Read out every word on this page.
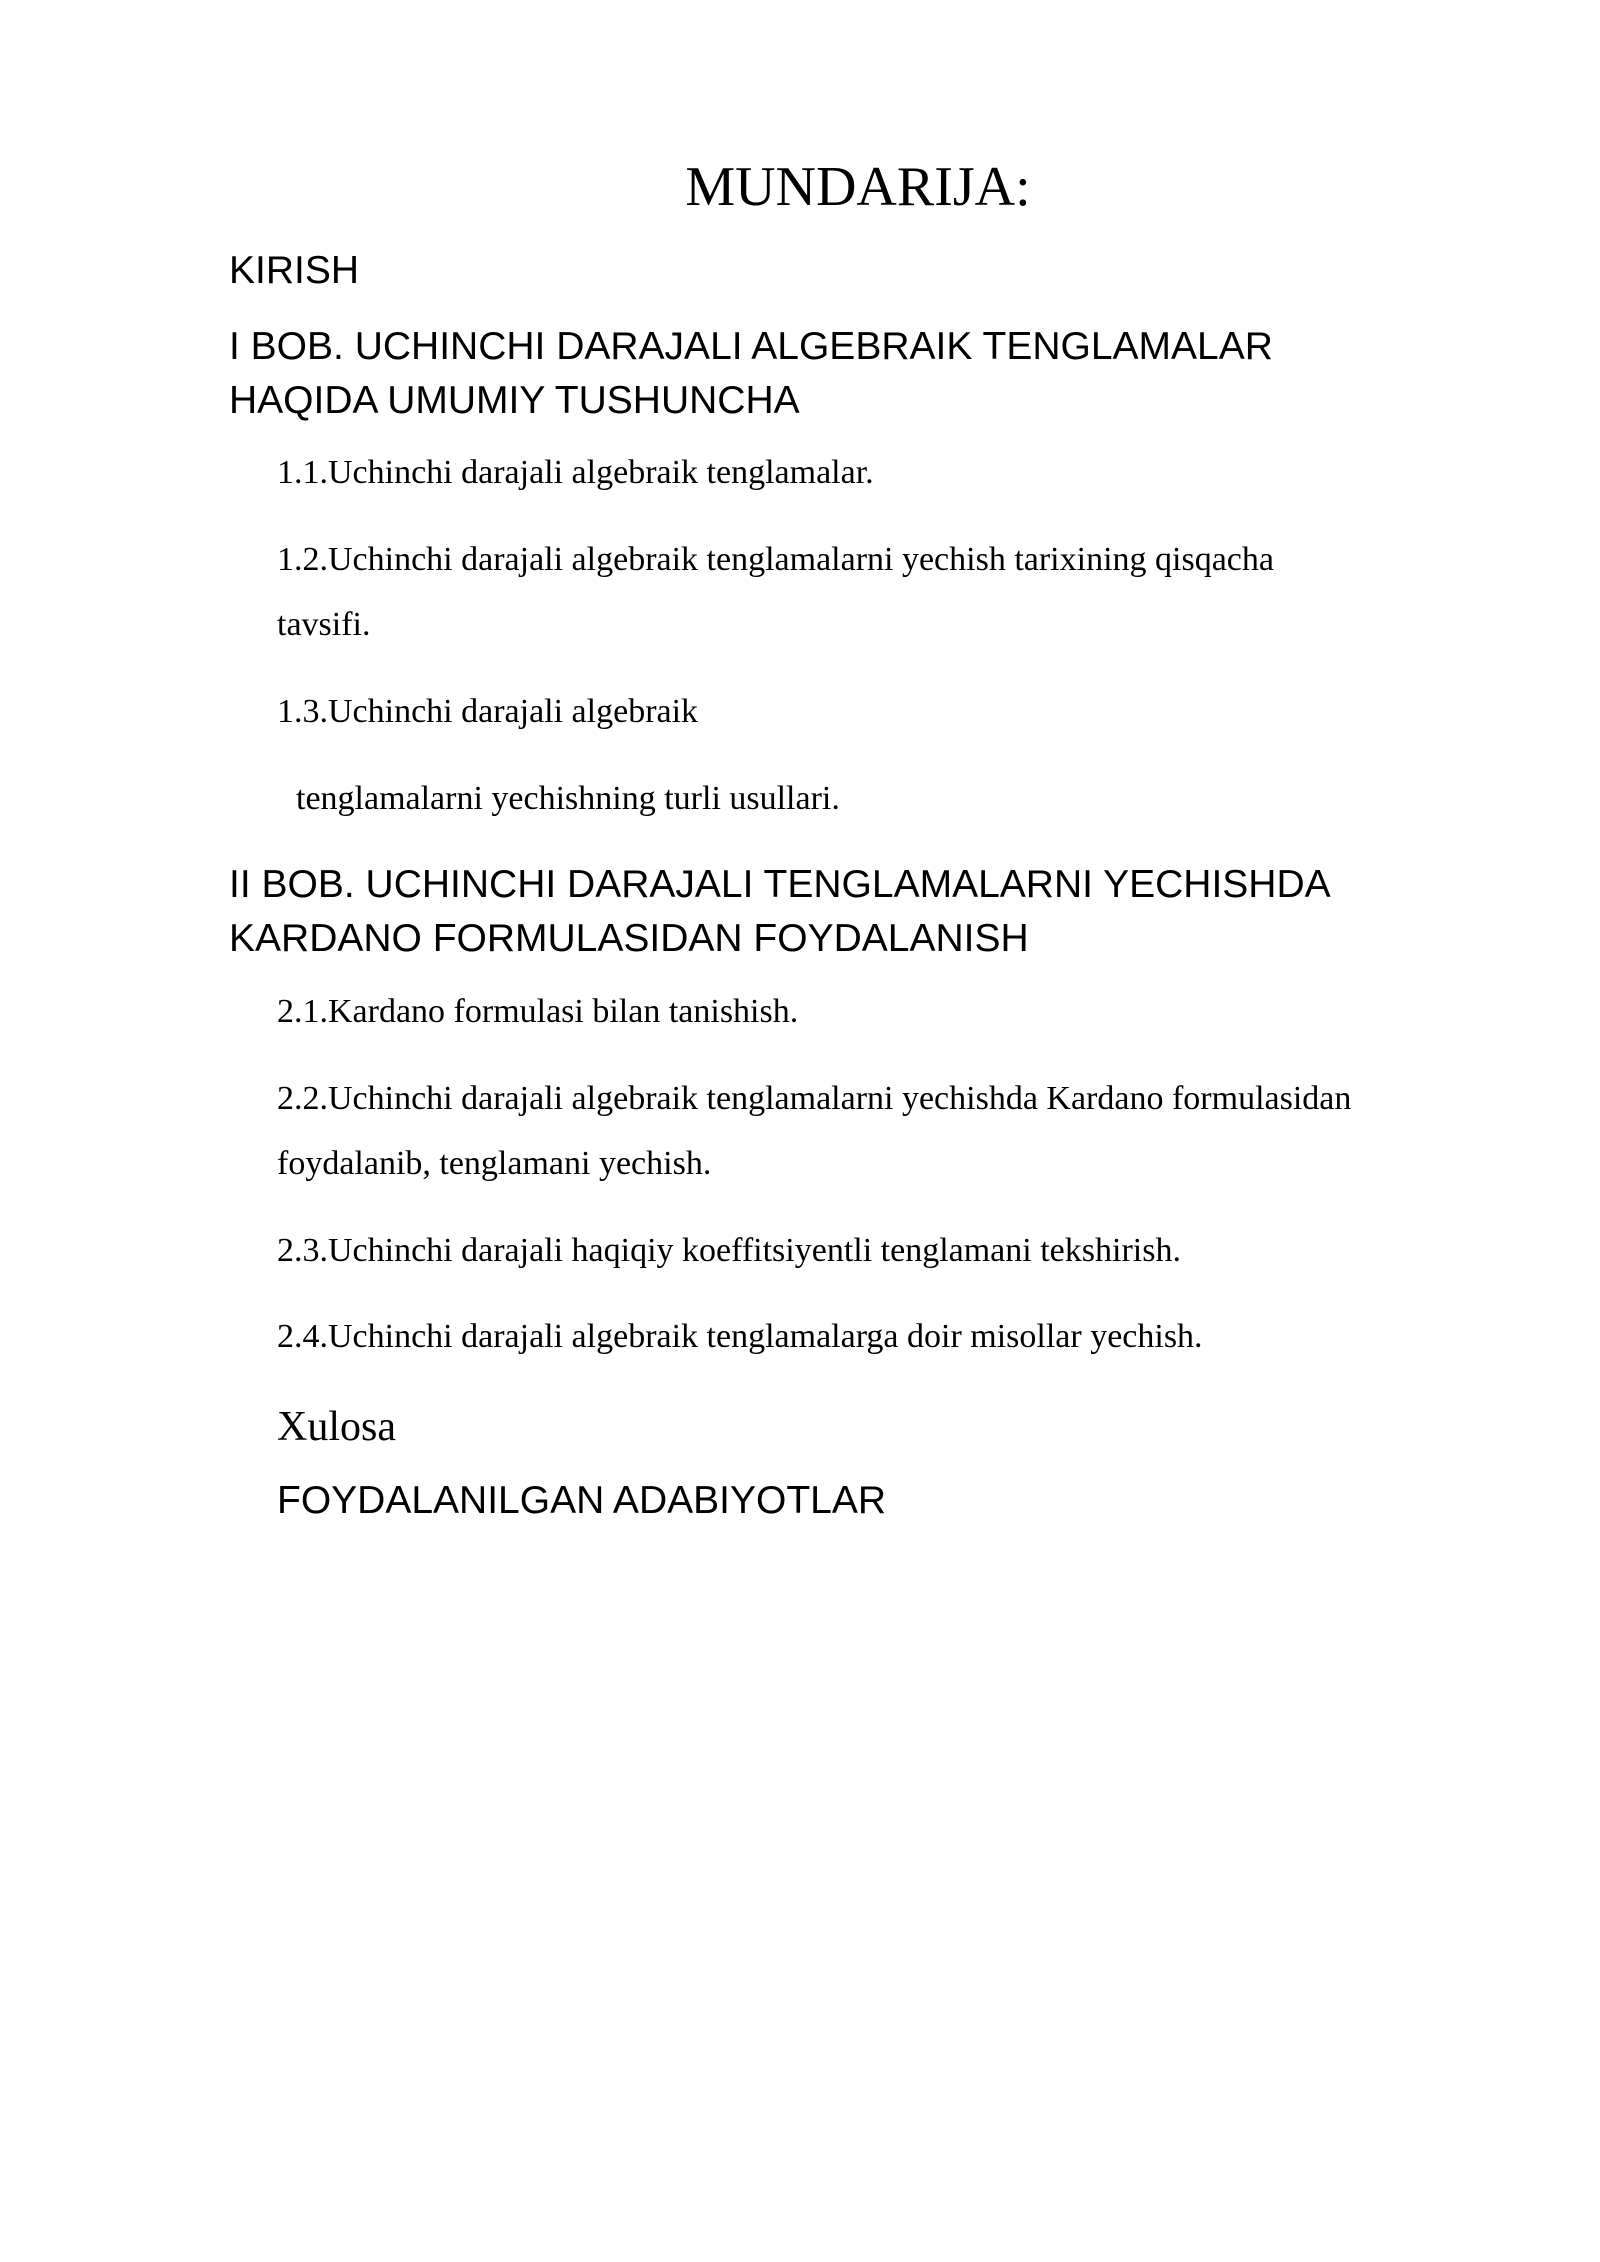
MUNDARIJA:

KIRISH

I BOB. UCHINCHI DARAJALI ALGEBRAIK TENGLAMALAR

HAQIDA UMUMIY TUSHUNCHA

1.1.Uchinchi darajali algebraik tenglamalar.

1.2.Uchinchi darajali algebraik tenglamalarni yechish tarixining qisqacha

tavsifi.

1.3.Uchinchi darajali algebraik

tenglamalarni yechishning turli usullari.

II BOB. UCHINCHI DARAJALI TENGLAMALARNI YECHISHDA

KARDANO FORMULASIDAN FOYDALANISH

2.1.Kardano formulasi bilan tanishish.

2.2.Uchinchi darajali algebraik tenglamalarni yechishda Kardano formulasidan

foydalanib, tenglamani yechish.

2.3.Uchinchi darajali haqiqiy koeffitsiyentli tenglamani tekshirish.

2.4.Uchinchi darajali algebraik tenglamalarga doir misollar yechish.

Xulosa

FOYDALANILGAN ADABIYOTLAR
